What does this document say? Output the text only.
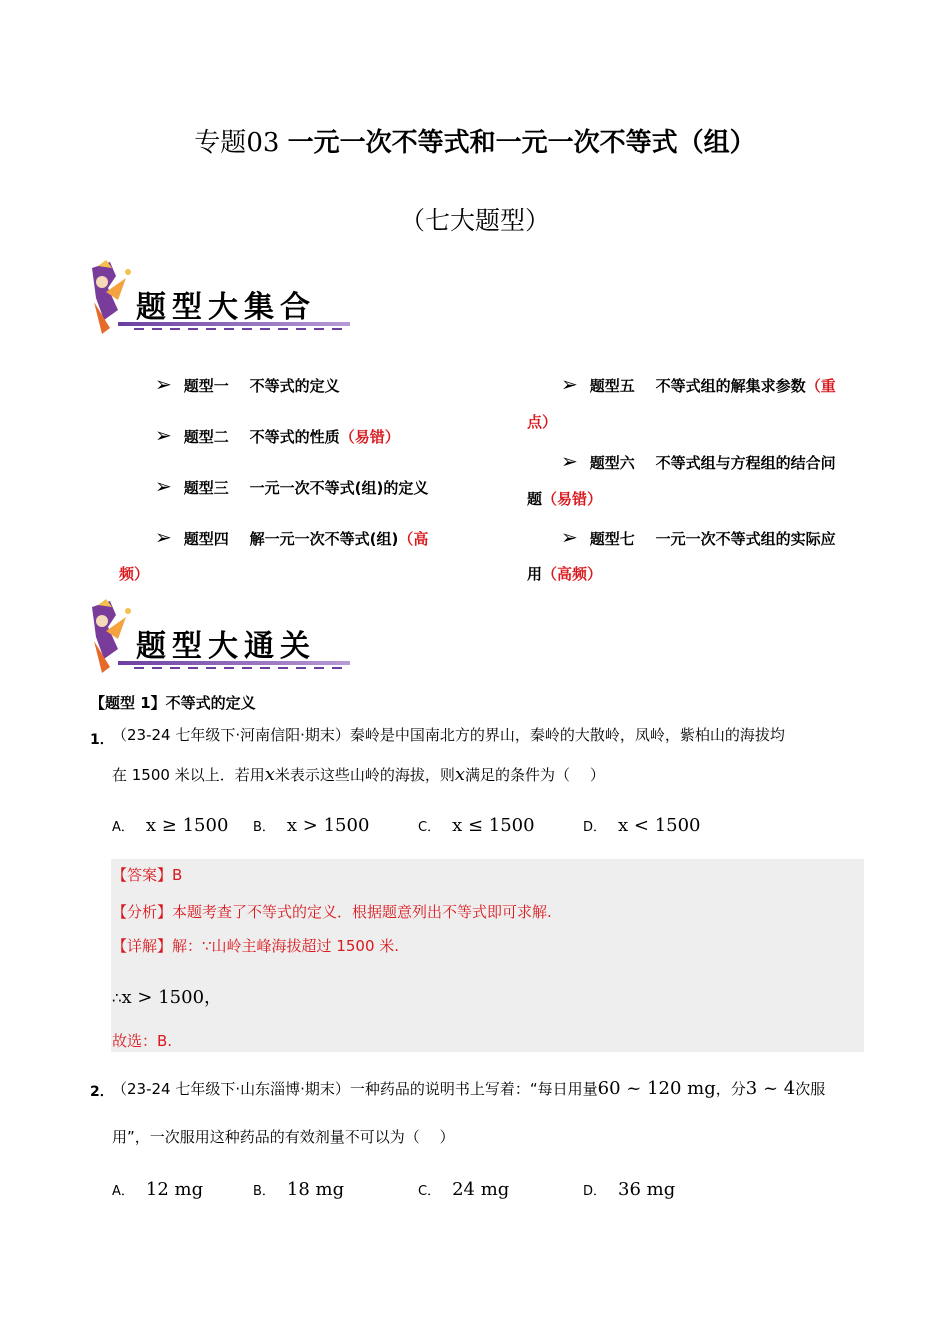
专题03 一元一次不等式和一元一次不等式（组）
（七大题型）
题型大集合
➢ 题型一 不等式的定义
➢ 题型二 不等式的性质（易错）
➢ 题型三 一元一次不等式(组)的定义
➢ 题型四 解一元一次不等式(组)（高
频）
➢ 题型五 不等式组的解集求参数（重
点）
➢ 题型六 不等式组与方程组的结合问
题（易错）
➢ 题型七 一元一次不等式组的实际应
用（高频）
题型大通关
【题型 1】不等式的定义
1．
（23-24 七年级下·河南信阳·期末）秦岭是中国南北方的界山，秦岭的大散岭，凤岭，紫柏山的海拔均
在 1500 米以上．若用x米表示这些山岭的海拔，则x满足的条件为（　 ）
A． x ≥ 1500 B． x > 1500	C． x ≤ 1500	D． x < 1500
【答案】B
【分析】本题考查了不等式的定义．根据题意列出不等式即可求解.
【详解】解：∵山岭主峰海拔超过 1500 米.
∴x > 1500，
故选：B.
2．
（23-24 七年级下·山东淄博·期末）一种药品的说明书上写着：“每日用量60 ~ 120 mg，分3 ~ 4次服
用”，一次服用这种药品的有效剂量不可以为（　 ）
A． 12 mg	B． 18 mg	C． 24 mg	D． 36 mg
